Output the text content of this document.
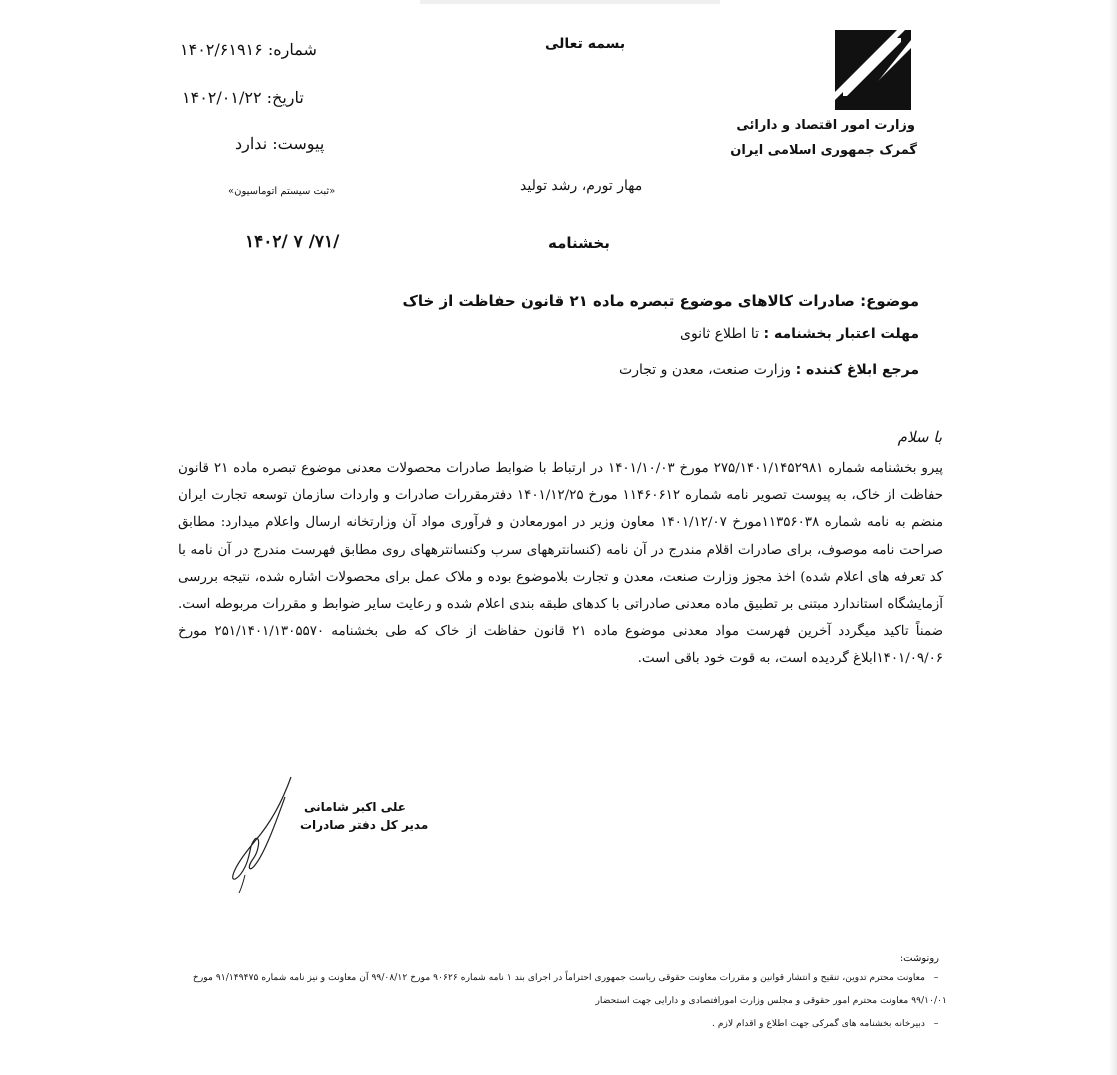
وزارت امور اقتصاد و دارائی
گمرک جمهوری اسلامی ایران
بسمه تعالی
مهار تورم، رشد تولید
بخشنامه
شماره: ۱۴۰۲/۶۱۹۱۶
تاریخ: ۱۴۰۲/۰۱/۲۲
پیوست: ندارد
«ثبت سیستم اتوماسیون»
۱۴۰۲/ ۷ /۷۱/
موضوع: صادرات کالاهای موضوع تبصره ماده ۲۱ قانون حفاظت از خاک
مهلت اعتبار بخشنامه : تا اطلاع ثانوی
مرجع ابلاغ کننده : وزارت صنعت، معدن و تجارت
با سلام
پیرو بخشنامه شماره ۲۷۵/۱۴۰۱/۱۴۵۲۹۸۱ مورخ ۱۴۰۱/۱۰/۰۳ در ارتباط با ضوابط صادرات محصولات معدنی موضوع تبصره ماده ۲۱ قانون حفاظت از خاک، به پیوست تصویر نامه شماره ۱۱۴۶۰۶۱۲ مورخ ۱۴۰۱/۱۲/۲۵ دفترمقررات صادرات و واردات سازمان توسعه تجارت ایران منضم به نامه شماره ۱۱۳۵۶۰۳۸مورخ ۱۴۰۱/۱۲/۰۷ معاون وزیر در امورمعادن و فرآوری مواد آن وزارتخانه ارسال واعلام میدارد: مطابق صراحت نامه موصوف، برای صادرات اقلام مندرج در آن نامه (کنسانترههای سرب وکنسانترههای روی مطابق فهرست مندرج در آن نامه با کد تعرفه های اعلام شده) اخذ مجوز وزارت صنعت، معدن و تجارت بلاموضوع بوده و ملاک عمل برای محصولات اشاره شده، نتیجه بررسی آزمایشگاه استاندارد مبتنی بر تطبیق ماده معدنی صادراتی با کدهای طبقه بندی اعلام شده و رعایت سایر ضوابط و مقررات مربوطه است. ضمناً تاکید میگردد آخرین فهرست مواد معدنی موضوع ماده ۲۱ قانون حفاظت از خاک که طی بخشنامه ۲۵۱/۱۴۰۱/۱۳۰۵۵۷۰ مورخ ۱۴۰۱/۰۹/۰۶ابلاغ گردیده است، به قوت خود باقی است.
علی اکبر شامانی
مدیر کل دفتر صادرات
رونوشت:
–معاونت محترم تدوین، تنقیح و انتشار قوانین و مقررات معاونت حقوقی ریاست جمهوری احتراماً در اجرای بند ۱ نامه شماره ۹۰۶۲۶ مورخ ۹۹/۰۸/۱۲ آن معاونت و نیز نامه شماره ۹۱/۱۴۹۴۷۵ مورخ ۹۹/۱۰/۰۱ معاونت محترم امور حقوقی و مجلس وزارت امورافتصادی و دارایی جهت استحضار
–دبیرخانه بخشنامه های گمرکی جهت اطلاع و اقدام لازم .
